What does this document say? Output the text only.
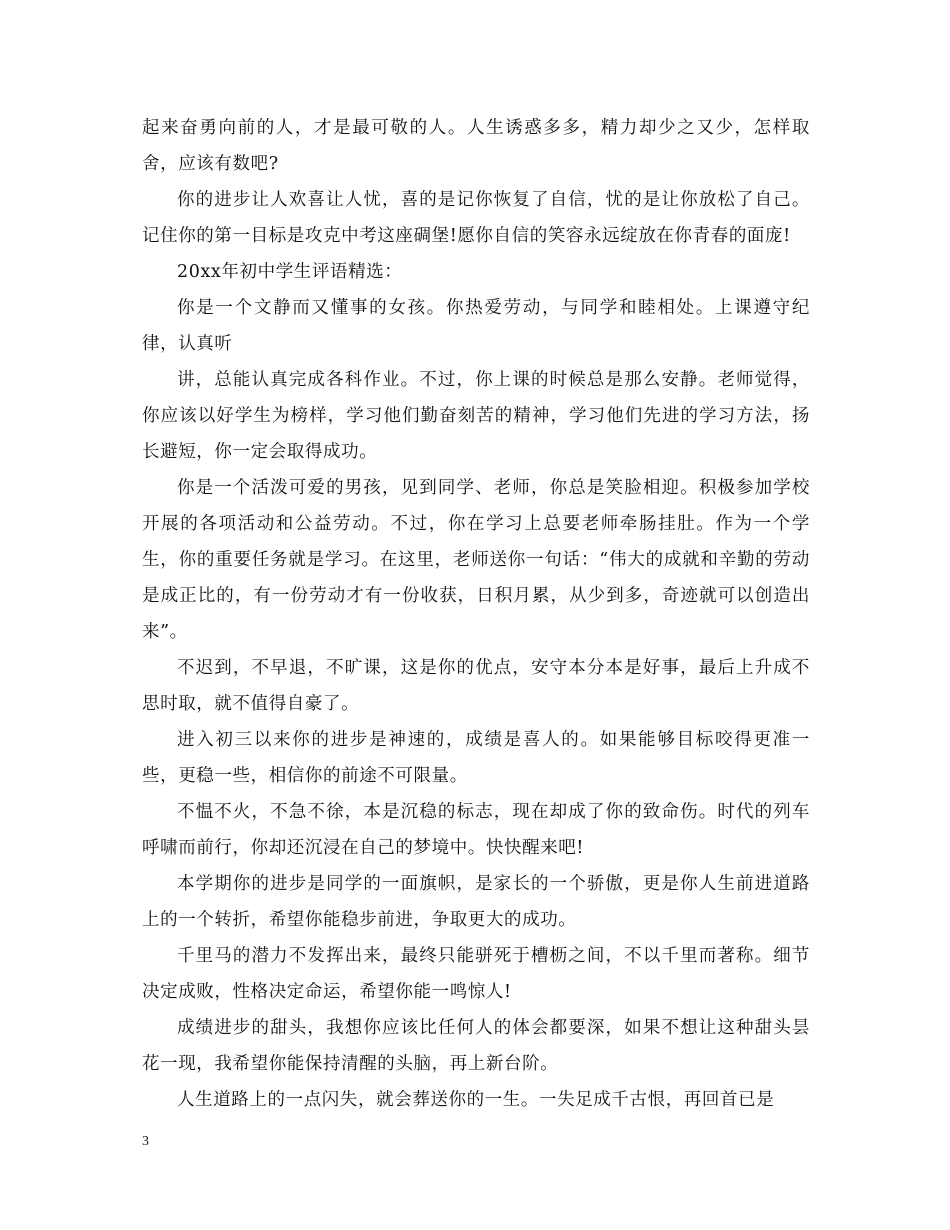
起来奋勇向前的人，才是最可敬的人。人生诱惑多多，精力却少之又少，怎样取舍，应该有数吧?

你的进步让人欢喜让人忧，喜的是记你恢复了自信，忧的是让你放松了自己。记住你的第一目标是攻克中考这座碉堡!愿你自信的笑容永远绽放在你青春的面庞!

20xx年初中学生评语精选：

你是一个文静而又懂事的女孩。你热爱劳动，与同学和睦相处。上课遵守纪律，认真听

讲，总能认真完成各科作业。不过，你上课的时候总是那么安静。老师觉得，你应该以好学生为榜样，学习他们勤奋刻苦的精神，学习他们先进的学习方法，扬长避短，你一定会取得成功。

你是一个活泼可爱的男孩，见到同学、老师，你总是笑脸相迎。积极参加学校开展的各项活动和公益劳动。不过，你在学习上总要老师牵肠挂肚。作为一个学生，你的重要任务就是学习。在这里，老师送你一句话：“伟大的成就和辛勤的劳动是成正比的，有一份劳动才有一份收获，日积月累，从少到多，奇迹就可以创造出来”。

不迟到，不早退，不旷课，这是你的优点，安守本分本是好事，最后上升成不思时取，就不值得自豪了。

进入初三以来你的进步是神速的，成绩是喜人的。如果能够目标咬得更准一些，更稳一些，相信你的前途不可限量。

不愠不火，不急不徐，本是沉稳的标志，现在却成了你的致命伤。时代的列车呼啸而前行，你却还沉浸在自己的梦境中。快快醒来吧!

本学期你的进步是同学的一面旗帜，是家长的一个骄傲，更是你人生前进道路上的一个转折，希望你能稳步前进，争取更大的成功。

千里马的潜力不发挥出来，最终只能骈死于槽枥之间，不以千里而著称。细节决定成败，性格决定命运，希望你能一鸣惊人!

成绩进步的甜头，我想你应该比任何人的体会都要深，如果不想让这种甜头昙花一现，我希望你能保持清醒的头脑，再上新台阶。

人生道路上的一点闪失，就会葬送你的一生。一失足成千古恨，再回首已是

3
